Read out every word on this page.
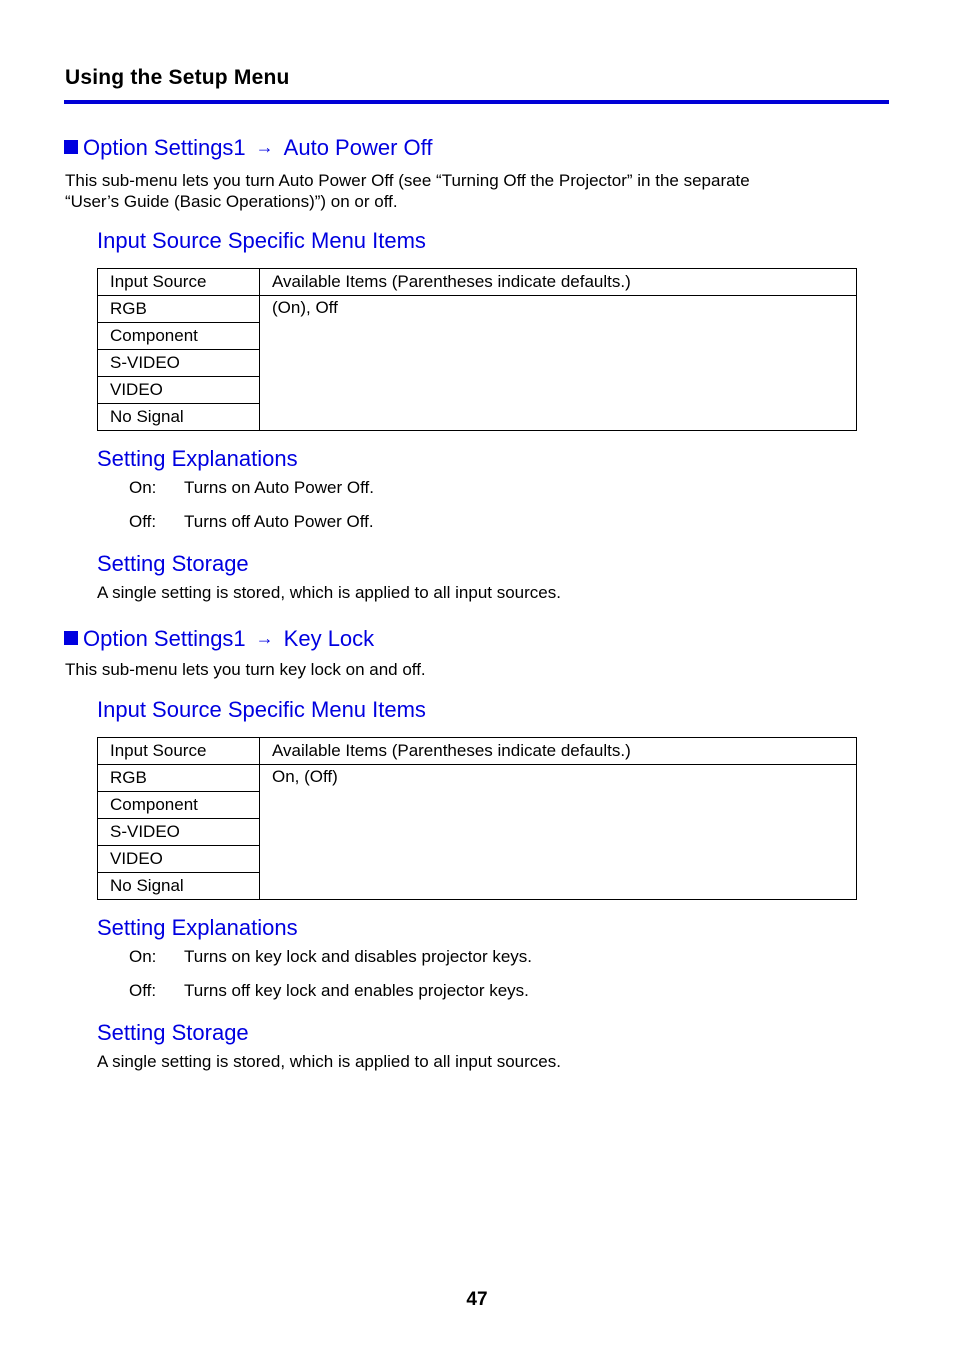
Using the Setup Menu
Option Settings1 → Auto Power Off
This sub-menu lets you turn Auto Power Off (see “Turning Off the Projector” in the separate
“User’s Guide (Basic Operations)”) on or off.
Input Source Specific Menu Items
Input Source	Available Items (Parentheses indicate defaults.)
RGB	(On), Off
Component	
S-VIDEO	
VIDEO	
No Signal	
Setting Explanations
On: Turns on Auto Power Off.
Off: Turns off Auto Power Off.
Setting Storage
A single setting is stored, which is applied to all input sources.
Option Settings1 → Key Lock
This sub-menu lets you turn key lock on and off.
Input Source Specific Menu Items
Input Source	Available Items (Parentheses indicate defaults.)
RGB	On, (Off)
Component	
S-VIDEO	
VIDEO	
No Signal	
Setting Explanations
On: Turns on key lock and disables projector keys.
Off: Turns off key lock and enables projector keys.
Setting Storage
A single setting is stored, which is applied to all input sources.
47
